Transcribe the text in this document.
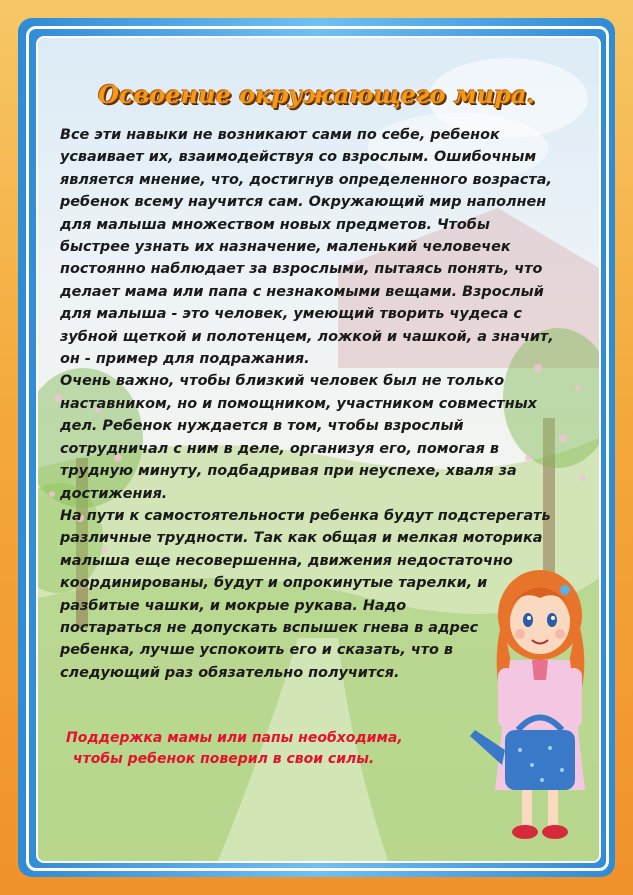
Освоение окружающего мира.

Все эти навыки не возникают сами по себе, ребенок
усваивает их, взаимодействуя со взрослым. Ошибочным
является мнение, что, достигнув определенного возраста,
ребенок всему научится сам. Окружающий мир наполнен
для малыша множеством новых предметов. Чтобы
быстрее узнать их назначение, маленький человечек
постоянно наблюдает за взрослыми, пытаясь понять, что
делает мама или папа с незнакомыми вещами. Взрослый
для малыша - это человек, умеющий творить чудеса с
зубной щеткой и полотенцем, ложкой и чашкой, а значит,
он - пример для подражания.

Очень важно, чтобы близкий человек был не только
наставником, но и помощником, участником совместных
дел. Ребенок нуждается в том, чтобы взрослый
сотрудничал с ним в деле, организуя его, помогая в
трудную минуту, подбадривая при неуспехе, хваля за
достижения.

На пути к самостоятельности ребенка будут подстерегать
различные трудности. Так как общая и мелкая моторика
малыша еще несовершенна, движения недостаточно
координированы, будут и опрокинутые тарелки, и
разбитые чашки, и мокрые рукава. Надо
постараться не допускать вспышек гнева в адрес
ребенка, лучше успокоить его и сказать, что в
следующий раз обязательно получится.

Поддержка мамы или папы необходима,
чтобы ребенок поверил в свои силы.
